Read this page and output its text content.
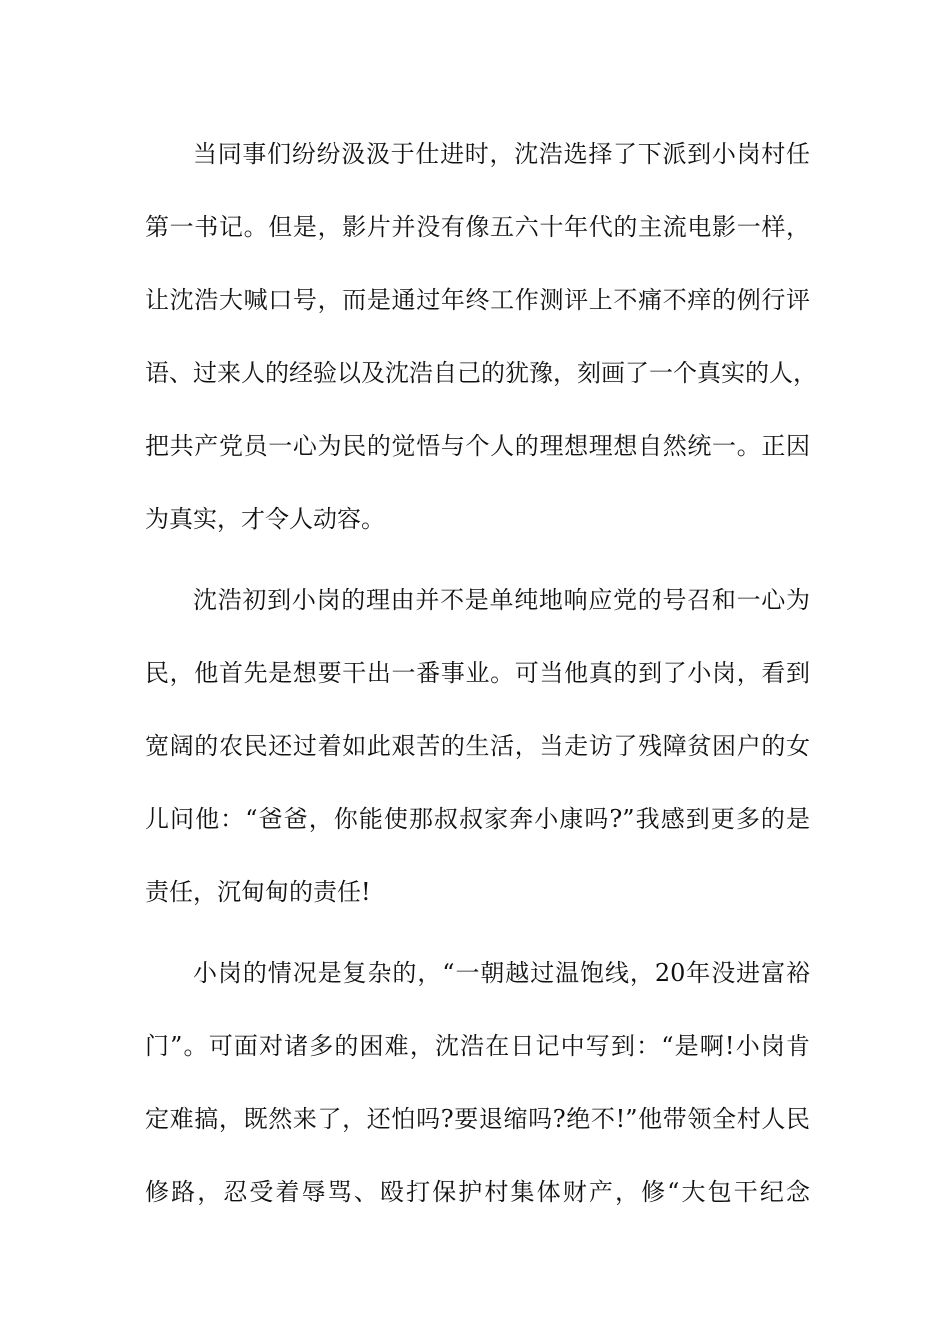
当同事们纷纷汲汲于仕进时，沈浩选择了下派到小岗村任
第一书记。但是，影片并没有像五六十年代的主流电影一样，
让沈浩大喊口号，而是通过年终工作测评上不痛不痒的例行评
语、过来人的经验以及沈浩自己的犹豫，刻画了一个真实的人，
把共产党员一心为民的觉悟与个人的理想理想自然统一。正因
为真实，才令人动容。
沈浩初到小岗的理由并不是单纯地响应党的号召和一心为
民，他首先是想要干出一番事业。可当他真的到了小岗，看到
宽阔的农民还过着如此艰苦的生活，当走访了残障贫困户的女
儿问他：“爸爸，你能使那叔叔家奔小康吗?”我感到更多的是
责任，沉甸甸的责任!
小岗的情况是复杂的，“一朝越过温饱线，20年没进富裕
门”。可面对诸多的困难，沈浩在日记中写到：“是啊!小岗肯
定难搞，既然来了，还怕吗?要退缩吗?绝不!”他带领全村人民
修路，忍受着辱骂、殴打保护村集体财产，修“大包干纪念
